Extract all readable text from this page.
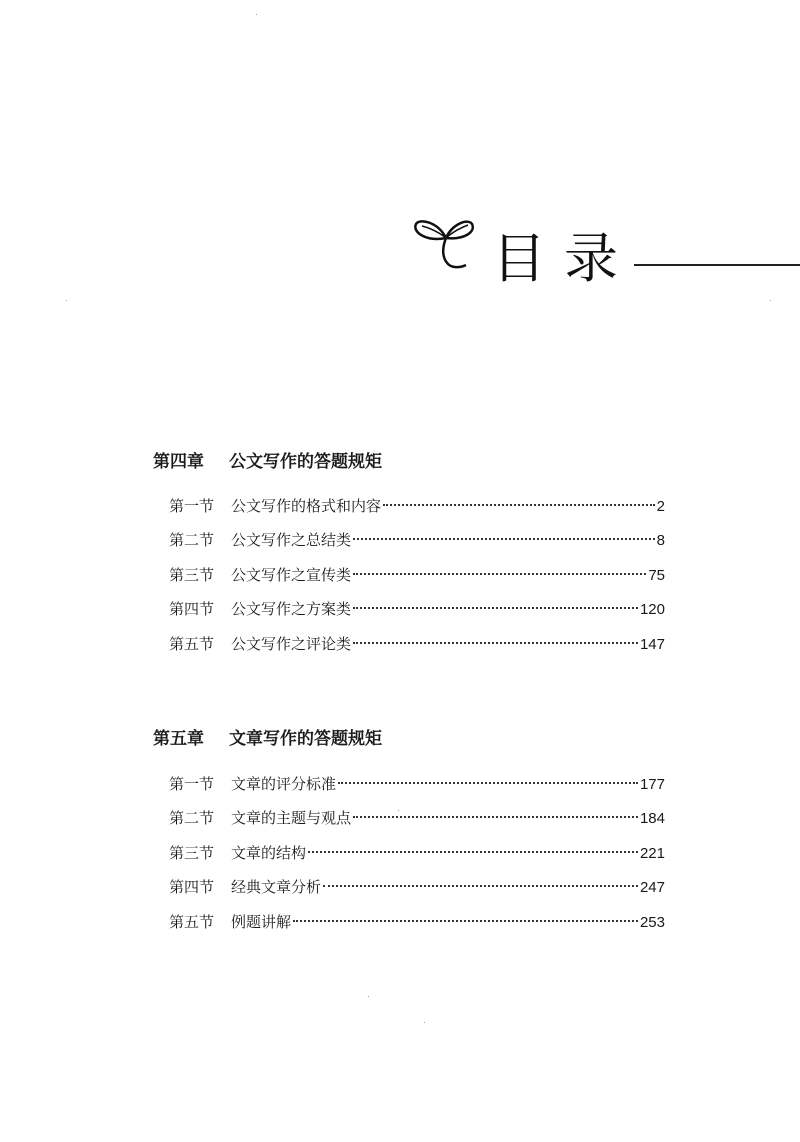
目录
第四章 公文写作的答题规矩
第一节	公文写作的格式和内容	2
第二节	公文写作之总结类	8
第三节	公文写作之宣传类	75
第四节	公文写作之方案类	120
第五节	公文写作之评论类	147
第五章 文章写作的答题规矩
第一节	文章的评分标准	177
第二节	文章的主题与观点	184
第三节	文章的结构	221
第四节	经典文章分析	247
第五节	例题讲解	253
